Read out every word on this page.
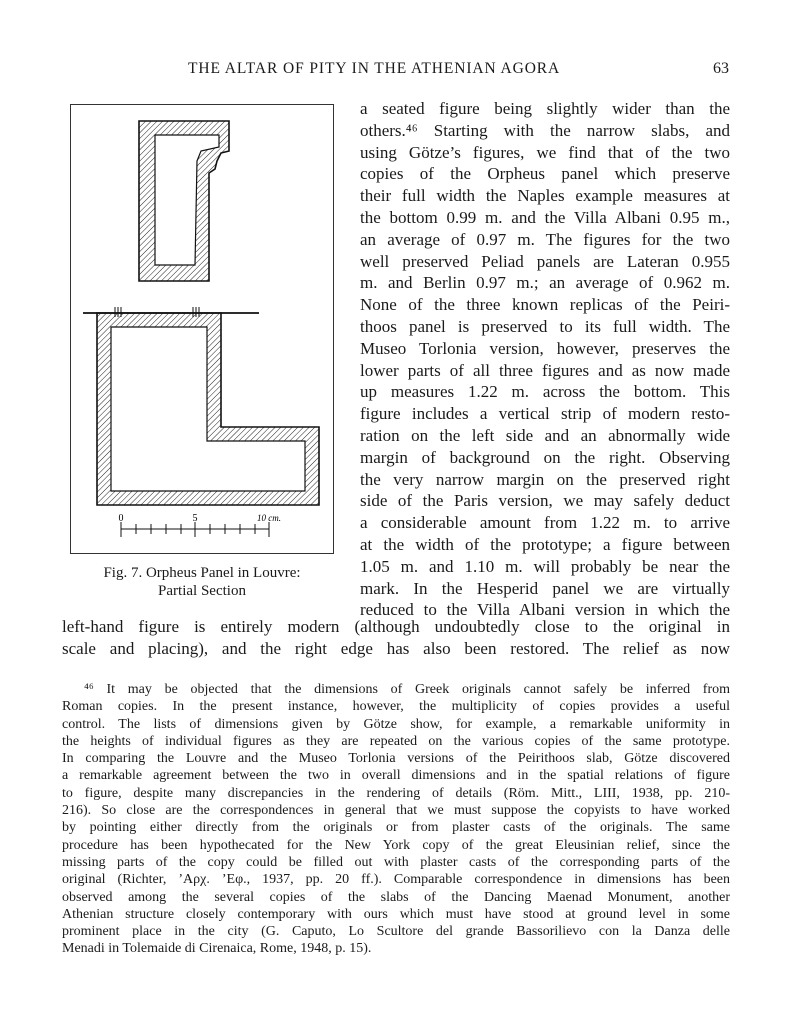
THE ALTAR OF PITY IN THE ATHENIAN AGORA	63
0	5	10 cm.
Fig. 7. Orpheus Panel in Louvre:
Partial Section
a seated figure being slightly wider than the
others.⁴⁶ Starting with the narrow slabs, and
using Götze’s figures, we find that of the two
copies of the Orpheus panel which preserve
their full width the Naples example measures at
the bottom 0.99 m. and the Villa Albani 0.95 m.,
an average of 0.97 m. The figures for the two
well preserved Peliad panels are Lateran 0.955
m. and Berlin 0.97 m.; an average of 0.962 m.
None of the three known replicas of the Peiri-
thoos panel is preserved to its full width. The
Museo Torlonia version, however, preserves the
lower parts of all three figures and as now made
up measures 1.22 m. across the bottom. This
figure includes a vertical strip of modern resto-
ration on the left side and an abnormally wide
margin of background on the right. Observing
the very narrow margin on the preserved right
side of the Paris version, we may safely deduct
a considerable amount from 1.22 m. to arrive
at the width of the prototype; a figure between
1.05 m. and 1.10 m. will probably be near the
mark. In the Hesperid panel we are virtually
reduced to the Villa Albani version in which the
left-hand figure is entirely modern (although undoubtedly close to the original in
scale and placing), and the right edge has also been restored. The relief as now
⁴⁶ It may be objected that the dimensions of Greek originals cannot safely be inferred from
Roman copies. In the present instance, however, the multiplicity of copies provides a useful
control. The lists of dimensions given by Götze show, for example, a remarkable uniformity in
the heights of individual figures as they are repeated on the various copies of the same prototype.
In comparing the Louvre and the Museo Torlonia versions of the Peirithoos slab, Götze discovered
a remarkable agreement between the two in overall dimensions and in the spatial relations of figure
to figure, despite many discrepancies in the rendering of details (Röm. Mitt., LIII, 1938, pp. 210-
216). So close are the correspondences in general that we must suppose the copyists to have worked
by pointing either directly from the originals or from plaster casts of the originals. The same
procedure has been hypothecated for the New York copy of the great Eleusinian relief, since the
missing parts of the copy could be filled out with plaster casts of the corresponding parts of the
original (Richter, ’Aρχ. ’Eφ., 1937, pp. 20 ff.). Comparable correspondence in dimensions has been
observed among the several copies of the slabs of the Dancing Maenad Monument, another
Athenian structure closely contemporary with ours which must have stood at ground level in some
prominent place in the city (G. Caputo, Lo Scultore del grande Bassorilievo con la Danza delle
Menadi in Tolemaide di Cirenaica, Rome, 1948, p. 15).
